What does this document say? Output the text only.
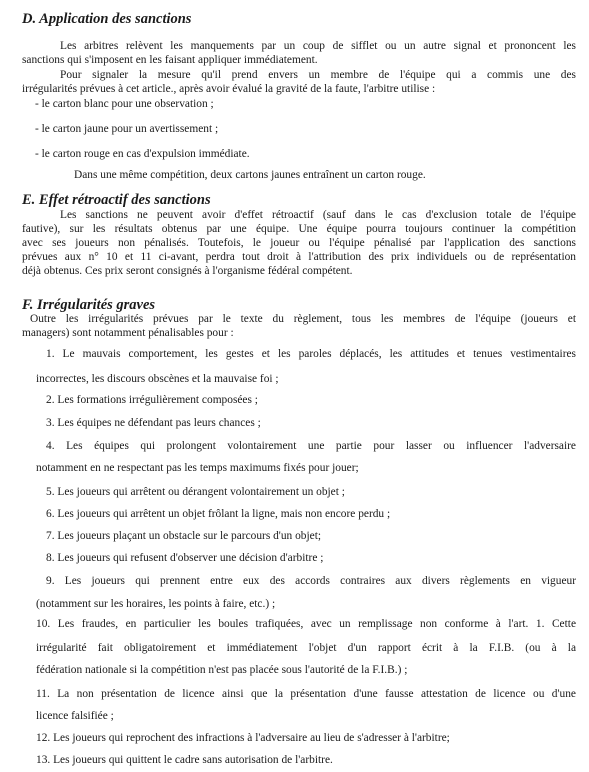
D. Application des sanctions
Les arbitres relèvent les manquements par un coup de sifflet ou un autre signal et prononcent les
sanctions qui s'imposent en les faisant appliquer immédiatement.
Pour signaler la mesure qu'il prend envers un membre de l'équipe qui a commis une des
irrégularités prévues à cet article., après avoir évalué la gravité de la faute, l'arbitre utilise :
- le carton blanc pour une observation ;
- le carton jaune pour un avertissement ;
- le carton rouge en cas d'expulsion immédiate.
Dans une même compétition, deux cartons jaunes entraînent un carton rouge.
E. Effet rétroactif des sanctions
Les sanctions ne peuvent avoir d'effet rétroactif (sauf dans le cas d'exclusion totale de l'équipe
fautive), sur les résultats obtenus par une équipe. Une équipe pourra toujours continuer la compétition
avec ses joueurs non pénalisés. Toutefois, le joueur ou l'équipe pénalisé par l'application des sanctions
prévues aux n° 10 et 11 ci-avant, perdra tout droit à l'attribution des prix individuels ou de représentation
déjà obtenus. Ces prix seront consignés à l'organisme fédéral compétent.
F. Irrégularités graves
Outre les irrégularités prévues par le texte du règlement, tous les membres de l'équipe (joueurs et
managers) sont notamment pénalisables pour :
1. Le mauvais comportement, les gestes et les paroles déplacés, les attitudes et tenues vestimentaires
incorrectes, les discours obscènes et la mauvaise foi ;
2. Les formations irrégulièrement composées ;
3. Les équipes ne défendant pas leurs chances ;
4. Les équipes qui prolongent volontairement une partie pour lasser ou influencer l'adversaire
notamment en ne respectant pas les temps maximums fixés pour jouer;
5. Les joueurs qui arrêtent ou dérangent volontairement un objet ;
6. Les joueurs qui arrêtent un objet frôlant la ligne, mais non encore perdu ;
7. Les joueurs plaçant un obstacle sur le parcours d'un objet;
8. Les joueurs qui refusent d'observer une décision d'arbitre ;
9. Les joueurs qui prennent entre eux des accords contraires aux divers règlements en vigueur
(notamment sur les horaires, les points à faire, etc.) ;
10. Les fraudes, en particulier les boules trafiquées, avec un remplissage non conforme à l'art. 1. Cette
irrégularité fait obligatoirement et immédiatement l'objet d'un rapport écrit à la F.I.B. (ou à la
fédération nationale si la compétition n'est pas placée sous l'autorité de la F.I.B.) ;
11. La non présentation de licence ainsi que la présentation d'une fausse attestation de licence ou d'une
licence falsifiée ;
12. Les joueurs qui reprochent des infractions à l'adversaire au lieu de s'adresser à l'arbitre;
13. Les joueurs qui quittent le cadre sans autorisation de l'arbitre.
